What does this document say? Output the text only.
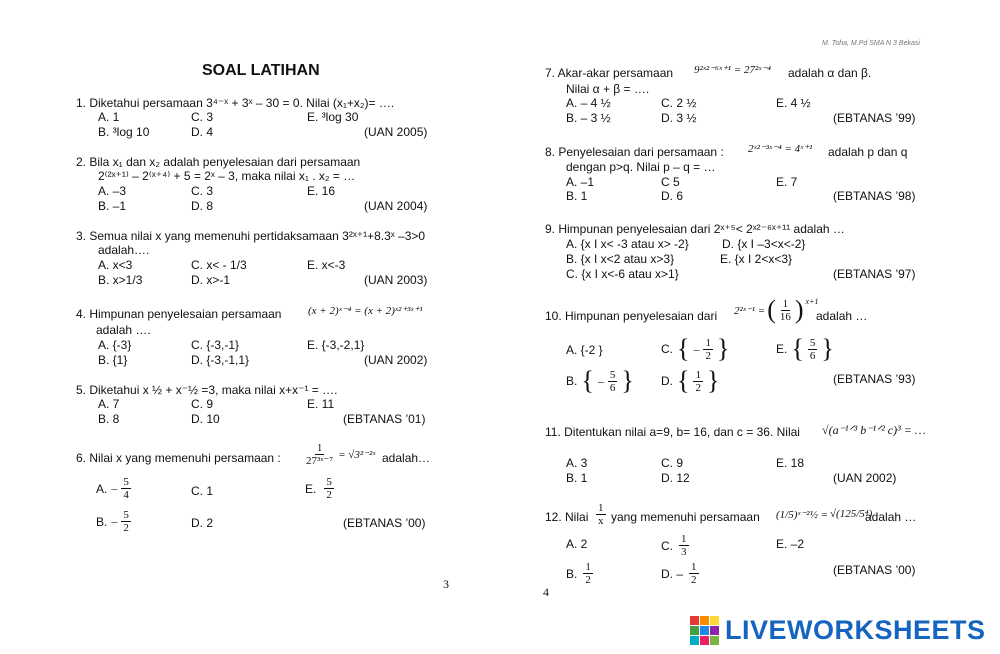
M. Toha, M.Pd SMA N 3 Bekasi
SOAL LATIHAN
1. Diketahui persamaan 3⁴⁻ˣ + 3ˣ – 30 = 0. Nilai (x₁+x₂)= ….
A. 1	C. 3	E. ³log 30
B. ³log 10	D. 4	(UAN 2005)
2. Bila x₁ dan x₂ adalah penyelesaian dari persamaan
2⁽²ˣ⁺¹⁾ – 2⁽ˣ⁺⁴⁾ + 5 = 2ˣ – 3, maka nilai x₁ . x₂ = …
A. –3	C. 3	E. 16
B. –1	D. 8	(UAN 2004)
3. Semua nilai x yang memenuhi pertidaksamaan 3²ˣ⁺¹+8.3ˣ –3>0
adalah….
A. x<3	C. x< - 1/3	E. x<-3
B. x>1/3	D. x>-1	(UAN 2003)
4. Himpunan penyelesaian persamaan (x + 2)ˣ⁻⁴ = (x + 2)ˣ²⁺³ˣ⁺¹
adalah ….
A. {-3}	C. {-3,-1}	E. {-3,-2,1}
B. {1}	D. {-3,-1,1}	(UAN 2002)
5. Diketahui x ½ + x⁻½ =3, maka nilai x+x⁻¹ = ….
A. 7	C. 9	E. 11
B. 8	D. 10	(EBTANAS ’01)
6. Nilai x yang memenuhi persamaan : $\frac{1}{\text{27³ˣ⁻⁷}}$ = √3²⁻²ˣ adalah…
A. – $\frac{5}{4}$	C. 1	E. $\frac{5}{2}$
B. – $\frac{5}{2}$	D. 2	(EBTANAS ’00)
3
4
7. Akar-akar persamaan 9²ˣ²⁻⁶ˣ⁺¹ = 27²ˣ⁻⁴ adalah α dan β.
Nilai α + β = ….
A. – 4 ½	C. 2 ½	E. 4 ½
B. – 3 ½	D. 3 ½	(EBTANAS ’99)
8. Penyelesaian dari persamaan : 2ˣ²⁻³ˣ⁻⁴ = 4ˣ⁺¹ adalah p dan q
dengan p>q. Nilai p – q = …
A. –1	C 5	E. 7
B. 1	D. 6	(EBTANAS ’98)
9. Himpunan penyelesaian dari 2ˣ⁺⁵< 2ˣ²⁻⁶ˣ⁺¹¹ adalah …
A. {x I x< -3 atau x> -2}	D. {x I –3<x<-2}
B. {x I x<2 atau x>3}	E. {x I 2<x<3}
C. {x I x<-6 atau x>1}	(EBTANAS ’97)
10. Himpunan penyelesaian dari 2²ˣ⁻¹ = ( $\frac{1}{16}$ ) x+1
adalah …
A. {-2 }	C. { – $\frac{1}{2}$ }	E. { $\frac{5}{6}$ }
B. { – $\frac{5}{6}$ } D. { $\frac{1}{2}$ }	(EBTANAS ’93)
11. Ditentukan nilai a=9, b= 16, dan c = 36. Nilai √(a⁻¹ᐟ³ b⁻¹ᐟ² c)³ = …
A. 3	C. 9	E. 18
B. 1	D. 12	(UAN 2002)
12. Nilai $\frac{1}{x}$ yang memenuhi persamaan (1/5)ˣ⁻²½ = √(125/5⁴)
adalah …
A. 2	C. $\frac{1}{3}$	E. –2
B. $\frac{1}{2}$	D. – $\frac{1}{2}$	(EBTANAS ’00)
LIVEWORKSHEETS
